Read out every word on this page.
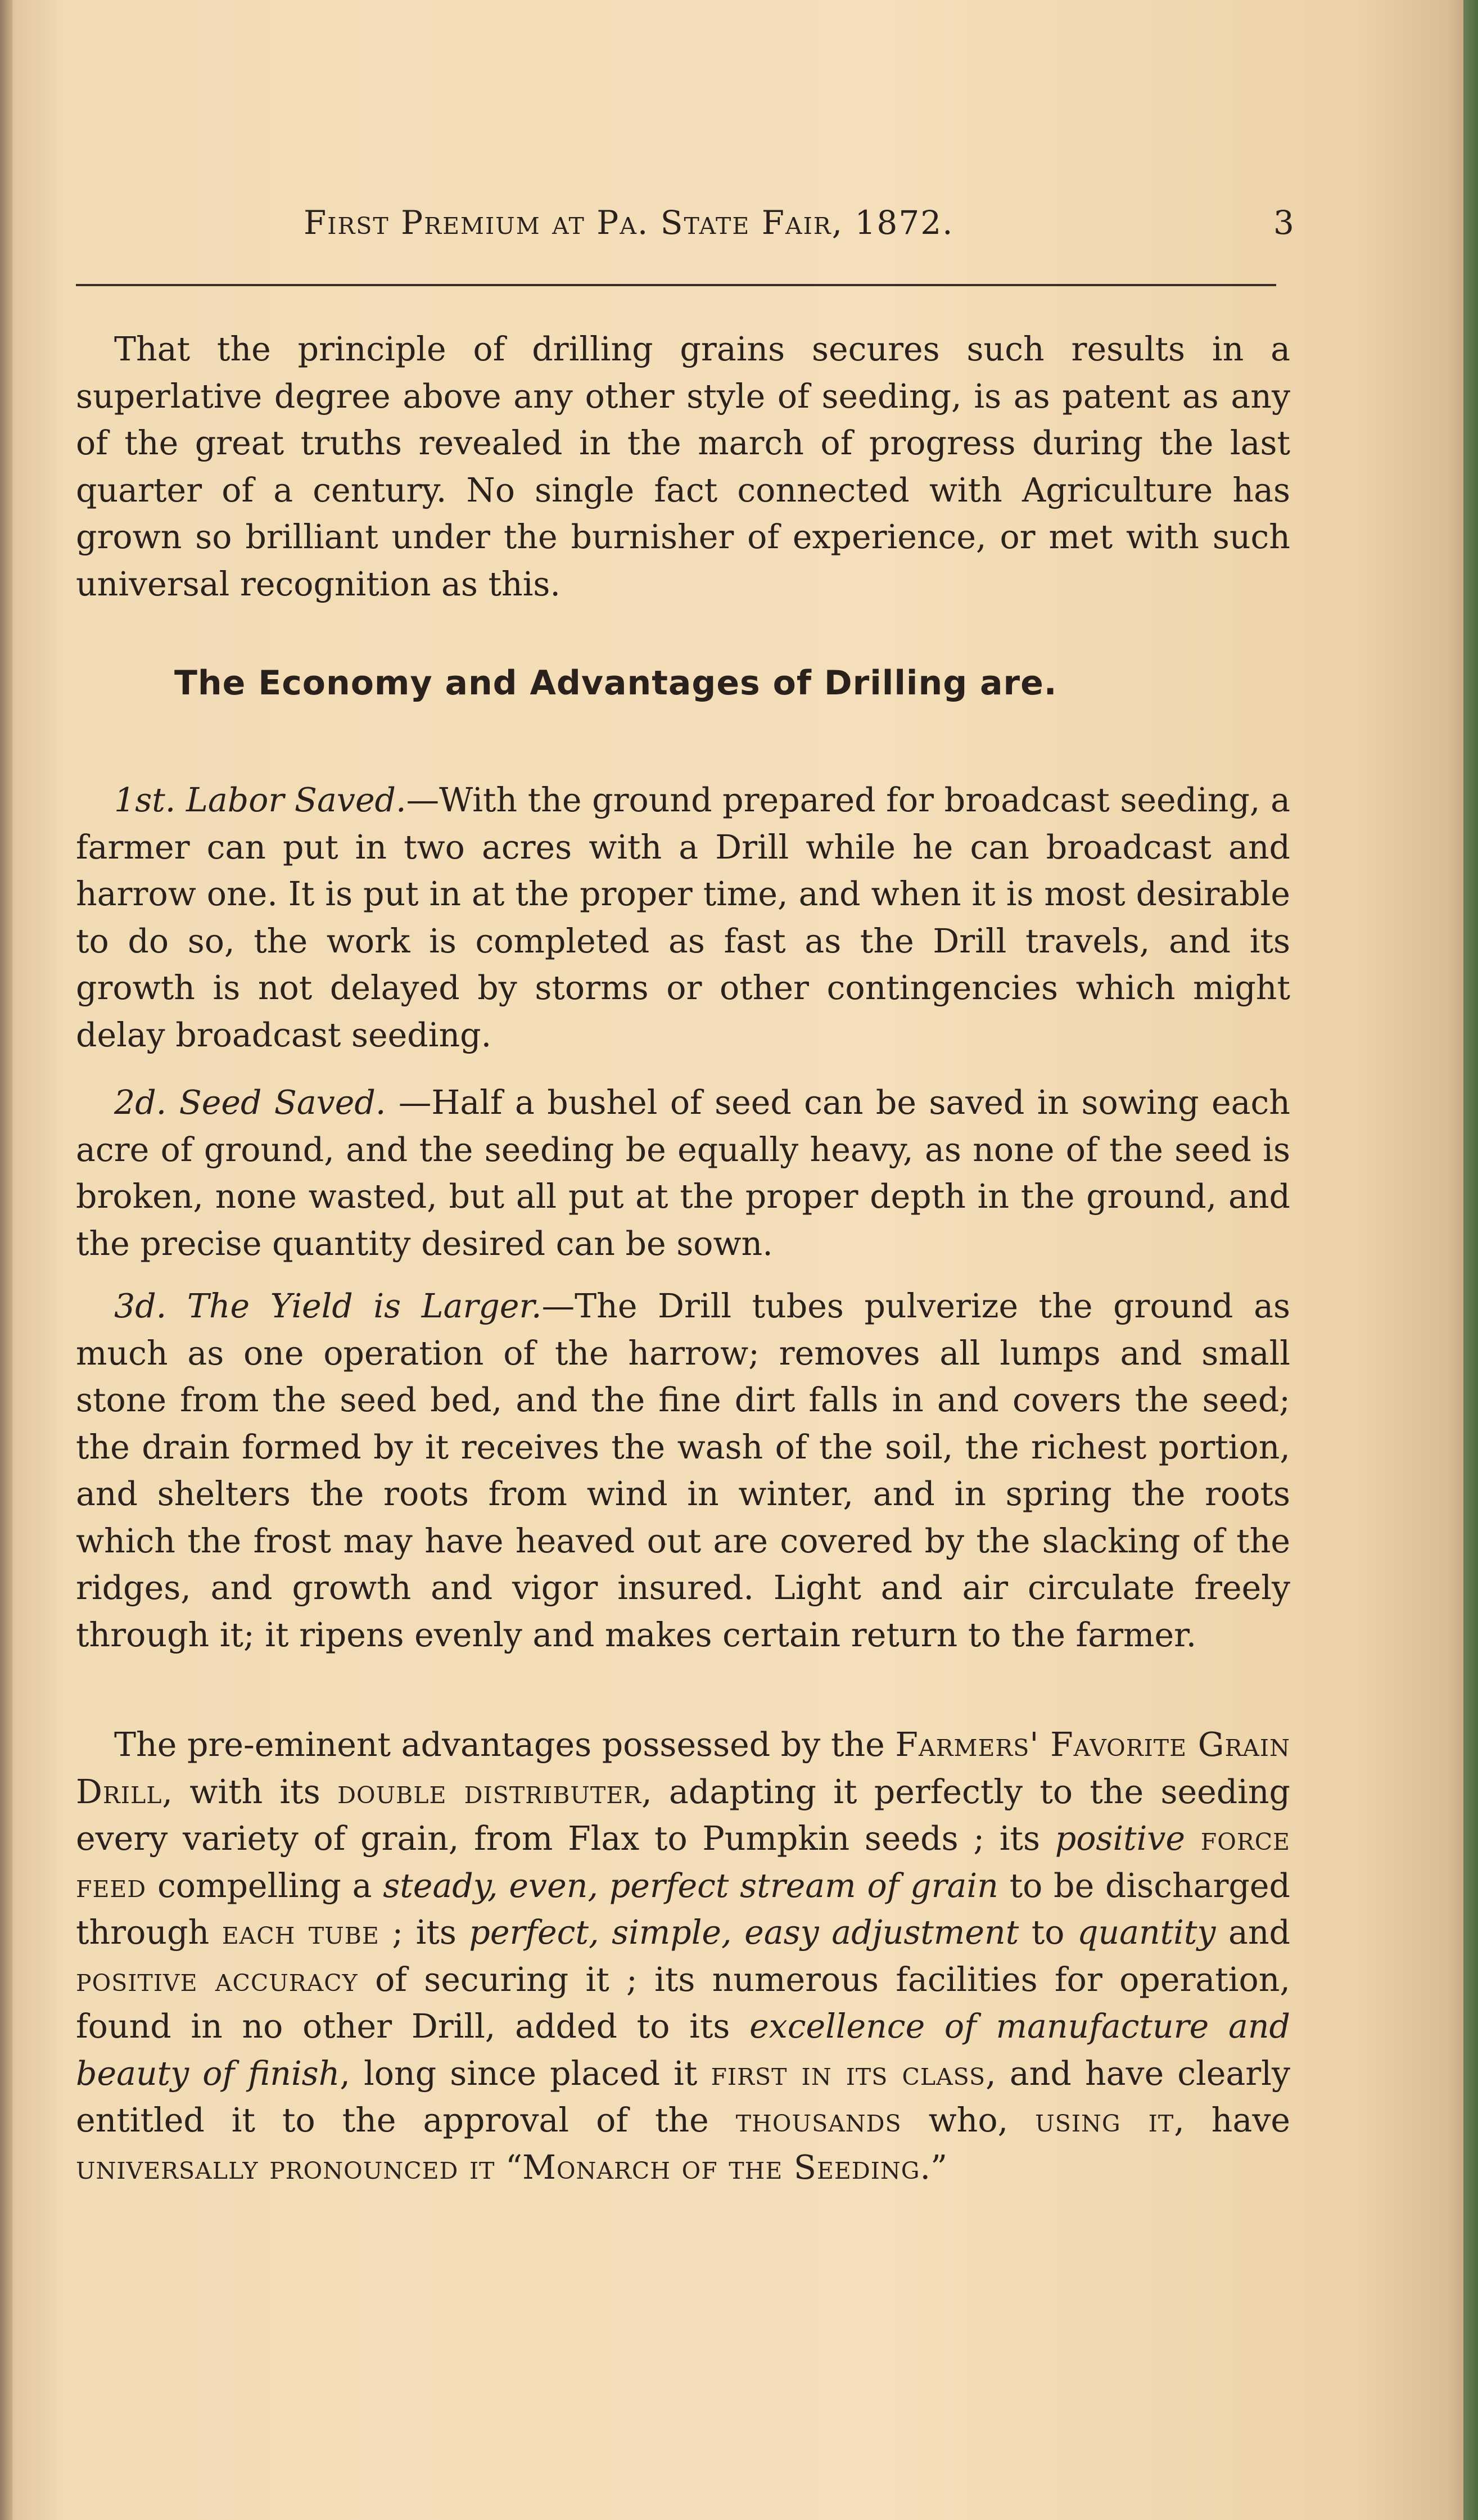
First Premium at Pa. State Fair, 1872.	3

That the principle of drilling grains secures such results in a superlative degree above any other style of seeding, is as patent as any of the great truths revealed in the march of progress during the last quarter of a century. No single fact connected with Agriculture has grown so brilliant under the burnisher of experience, or met with such universal recognition as this.

The Economy and Advantages of Drilling are.

1st. Labor Saved.—With the ground prepared for broadcast seeding, a farmer can put in two acres with a Drill while he can broadcast and harrow one. It is put in at the proper time, and when it is most desirable to do so, the work is completed as fast as the Drill travels, and its growth is not delayed by storms or other contingencies which might delay broadcast seeding.

2d. Seed Saved. —Half a bushel of seed can be saved in sowing each acre of ground, and the seeding be equally heavy, as none of the seed is broken, none wasted, but all put at the proper depth in the ground, and the precise quantity desired can be sown.

3d. The Yield is Larger.—The Drill tubes pulverize the ground as much as one operation of the harrow; removes all lumps and small stone from the seed bed, and the fine dirt falls in and covers the seed; the drain formed by it receives the wash of the soil, the richest portion, and shelters the roots from wind in winter, and in spring the roots which the frost may have heaved out are covered by the slacking of the ridges, and growth and vigor insured. Light and air circulate freely through it; it ripens evenly and makes certain return to the farmer.

The pre-eminent advantages possessed by the Farmers' Favorite Grain Drill, with its double distributer, adapting it perfectly to the seeding every variety of grain, from Flax to Pumpkin seeds ; its positive force feed compelling a steady, even, perfect stream of grain to be discharged through each tube ; its perfect, simple, easy adjustment to quantity and positive accuracy of securing it ; its numerous facilities for operation, found in no other Drill, added to its excellence of manufacture and beauty of finish, long since placed it first in its class, and have clearly entitled it to the approval of the thousands who, using it, have universally pronounced it “Monarch of the Seeding.”
